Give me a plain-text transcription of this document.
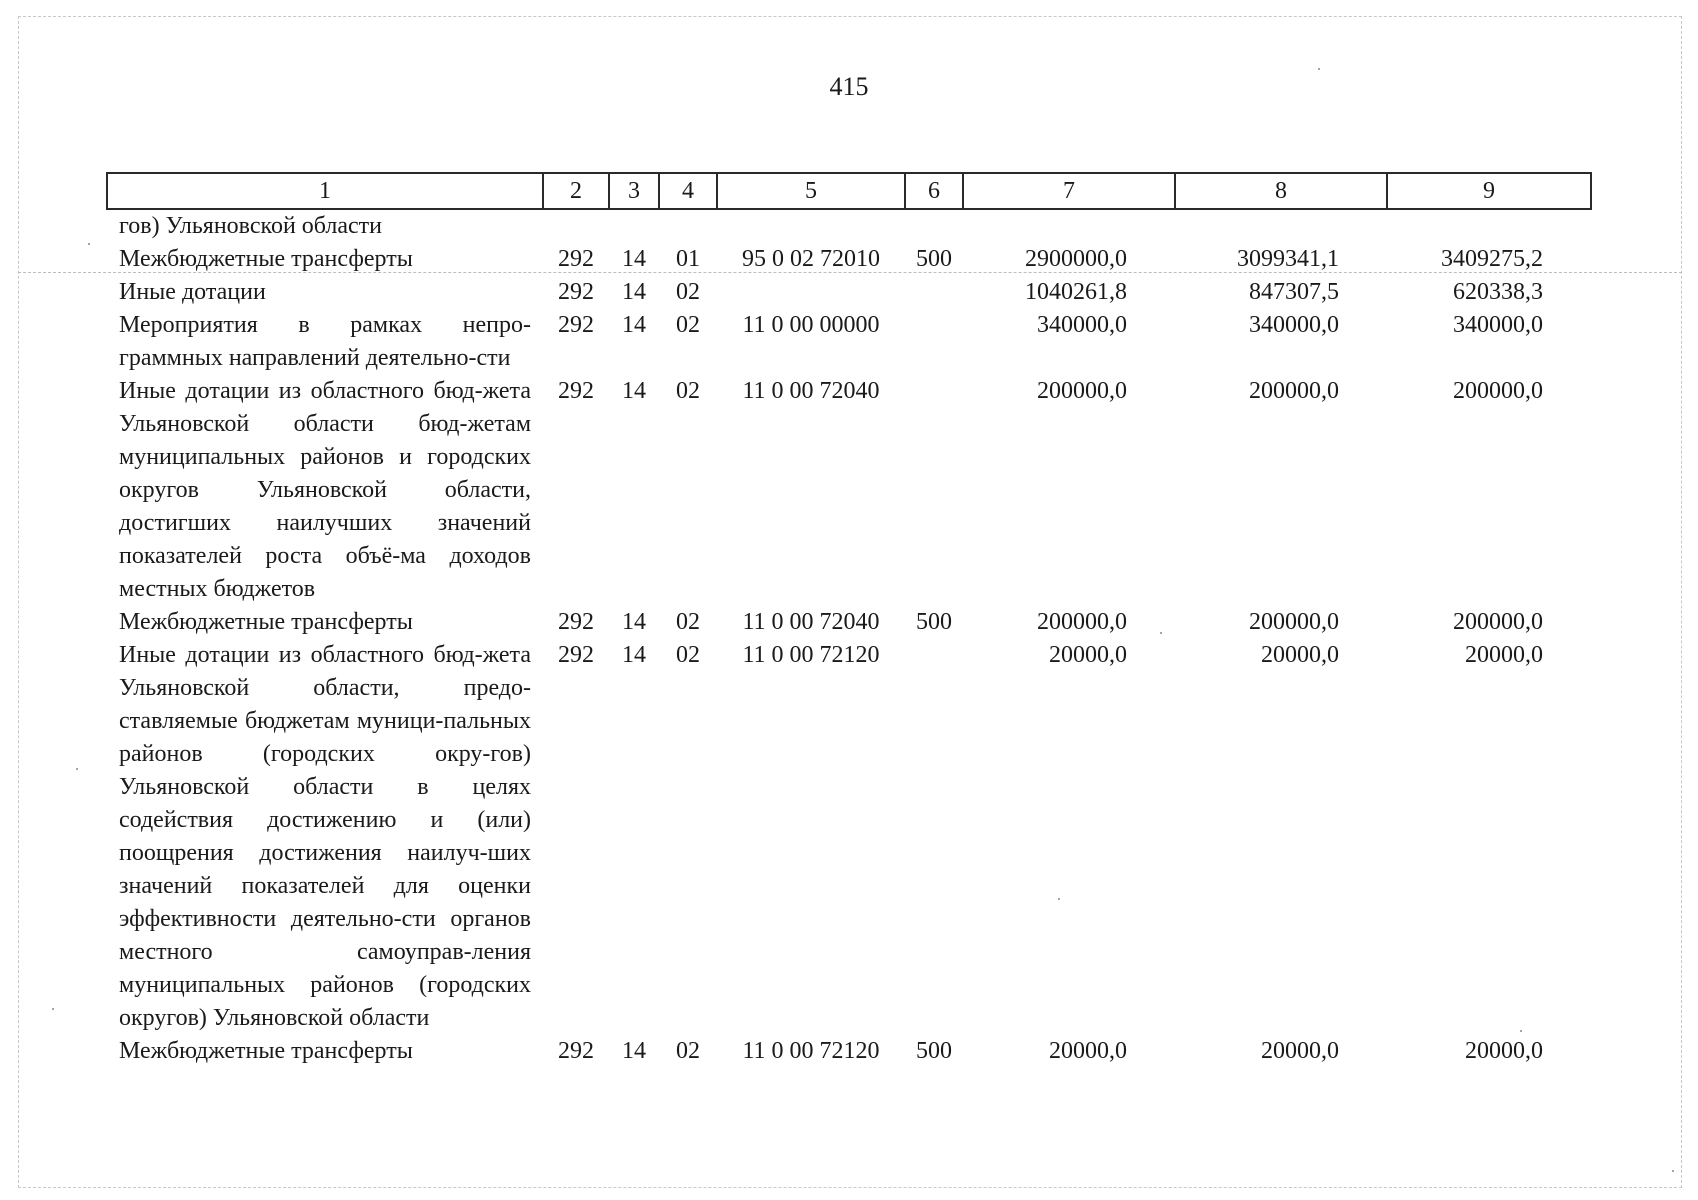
415
1	2	3	4	5	6	7	8	9
гов) Ульяновской области								
Межбюджетные трансферты	292	14	01	95 0 02 72010	500	2900000,0	3099341,1	3409275,2
Иные дотации	292	14	02			1040261,8	847307,5	620338,3
Мероприятия в рамках непро-граммных направлений деятельно-сти	292	14	02	11 0 00 00000		340000,0	340000,0	340000,0
Иные дотации из областного бюд-жета Ульяновской области бюд-жетам муниципальных районов и городских округов Ульяновской области, достигших наилучших значений показателей роста объё-ма доходов местных бюджетов	292	14	02	11 0 00 72040		200000,0	200000,0	200000,0
Межбюджетные трансферты	292	14	02	11 0 00 72040	500	200000,0	200000,0	200000,0
Иные дотации из областного бюд-жета Ульяновской области, предо-ставляемые бюджетам муници-пальных районов (городских окру-гов) Ульяновской области в целях содействия достижению и (или) поощрения достижения наилуч-ших значений показателей для оценки эффективности деятельно-сти органов местного самоуправ-ления муниципальных районов (городских округов) Ульяновской области	292	14	02	11 0 00 72120		20000,0	20000,0	20000,0
Межбюджетные трансферты	292	14	02	11 0 00 72120	500	20000,0	20000,0	20000,0
